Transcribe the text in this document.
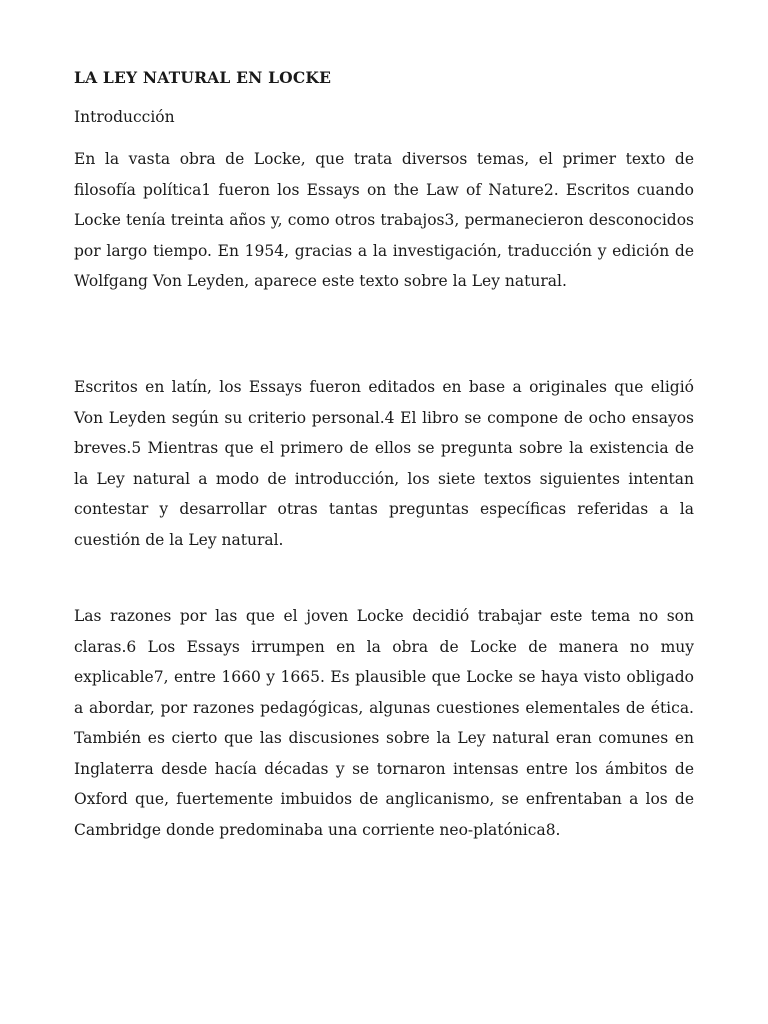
LA LEY NATURAL EN LOCKE
Introducción

En la vasta obra de Locke, que trata diversos temas, el primer texto de filosofía política1 fueron los Essays on the Law of Nature2. Escritos cuando Locke tenía treinta años y, como otros trabajos3, permanecieron desconocidos por largo tiempo. En 1954, gracias a la investigación, traducción y edición de Wolfgang Von Leyden, aparece este texto sobre la Ley natural.

Escritos en latín, los Essays fueron editados en base a originales que eligió Von Leyden según su criterio personal.4 El libro se compone de ocho ensayos breves.5 Mientras que el primero de ellos se pregunta sobre la existencia de la Ley natural a modo de introducción, los siete textos siguientes intentan contestar y desarrollar otras tantas preguntas específicas referidas a la cuestión de la Ley natural.

Las razones por las que el joven Locke decidió trabajar este tema no son claras.6 Los Essays irrumpen en la obra de Locke de manera no muy explicable7, entre 1660 y 1665. Es plausible que Locke se haya visto obligado a abordar, por razones pedagógicas, algunas cuestiones elementales de ética. También es cierto que las discusiones sobre la Ley natural eran comunes en Inglaterra desde hacía décadas y se tornaron intensas entre los ámbitos de Oxford que, fuertemente imbuidos de anglicanismo, se enfrentaban a los de Cambridge donde predominaba una corriente neo-platónica8.
